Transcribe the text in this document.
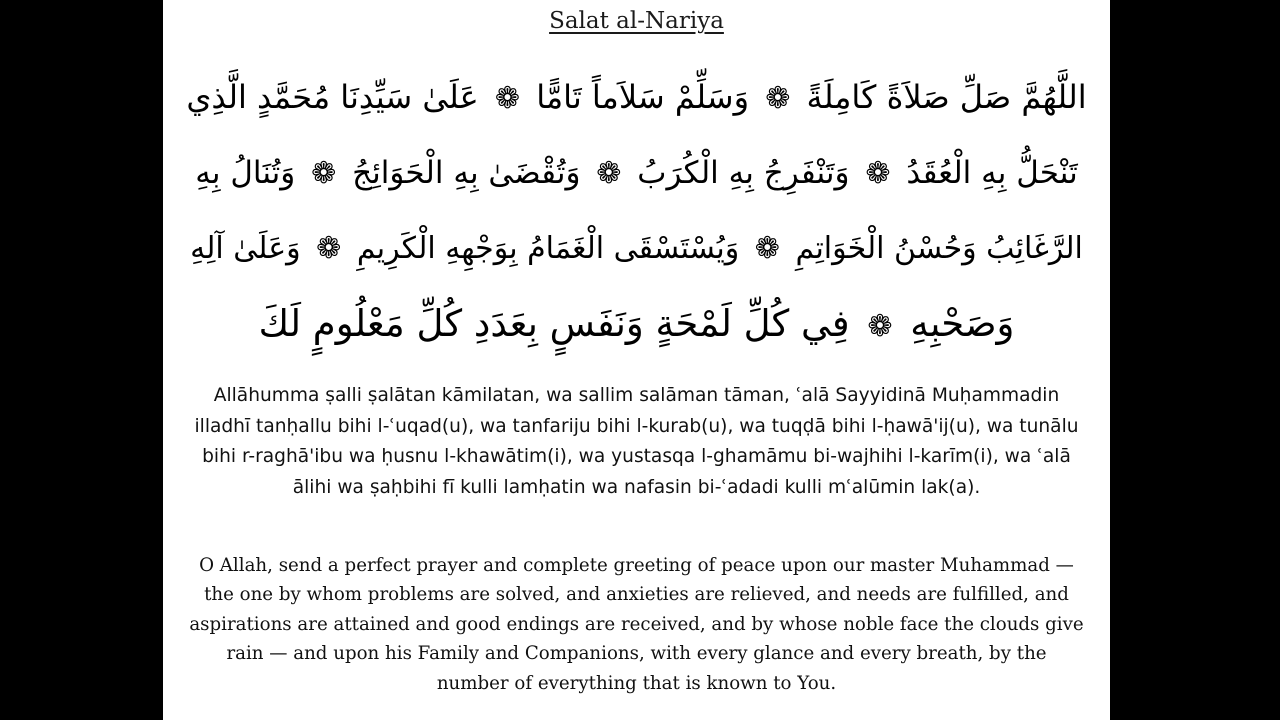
Salat al-Nariya
اللَّهُمَّ صَلِّ صَلاَةً كَامِلَةً ❁ وَسَلِّمْ سَلاَماً تَامًّا ❁ عَلَىٰ سَيِّدِنَا مُحَمَّدٍ الَّذِي
تَنْحَلُّ بِهِ الْعُقَدُ ❁ وَتَنْفَرِجُ بِهِ الْكُرَبُ ❁ وَتُقْضَىٰ بِهِ الْحَوَائِجُ ❁ وَتُنَالُ بِهِ
الرَّغَائِبُ وَحُسْنُ الْخَوَاتِمِ ❁ وَيُسْتَسْقَى الْغَمَامُ بِوَجْهِهِ الْكَرِيمِ ❁ وَعَلَىٰ آلِهِ
وَصَحْبِهِ ❁ فِي كُلِّ لَمْحَةٍ وَنَفَسٍ بِعَدَدِ كُلِّ مَعْلُومٍ لَكَ
Allāhumma ṣalli ṣalātan kāmilatan, wa sallim salāman tāman, ʿalā Sayyidinā Muḥammadin illadhī tanḥallu bihi l-ʿuqad(u), wa tanfariju bihi l-kurab(u), wa tuqḍā bihi l-ḥawā'ij(u), wa tunālu bihi r-raghā'ibu wa ḥusnu l-khawātim(i), wa yustasqa l-ghamāmu bi-wajhihi l-karīm(i), wa ʿalā ālihi wa ṣaḥbihi fī kulli lamḥatin wa nafasin bi-ʿadadi kulli mʿalūmin lak(a).
O Allah, send a perfect prayer and complete greeting of peace upon our master Muhammad — the one by whom problems are solved, and anxieties are relieved, and needs are fulfilled, and aspirations are attained and good endings are received, and by whose noble face the clouds give rain — and upon his Family and Companions, with every glance and every breath, by the number of everything that is known to You.
